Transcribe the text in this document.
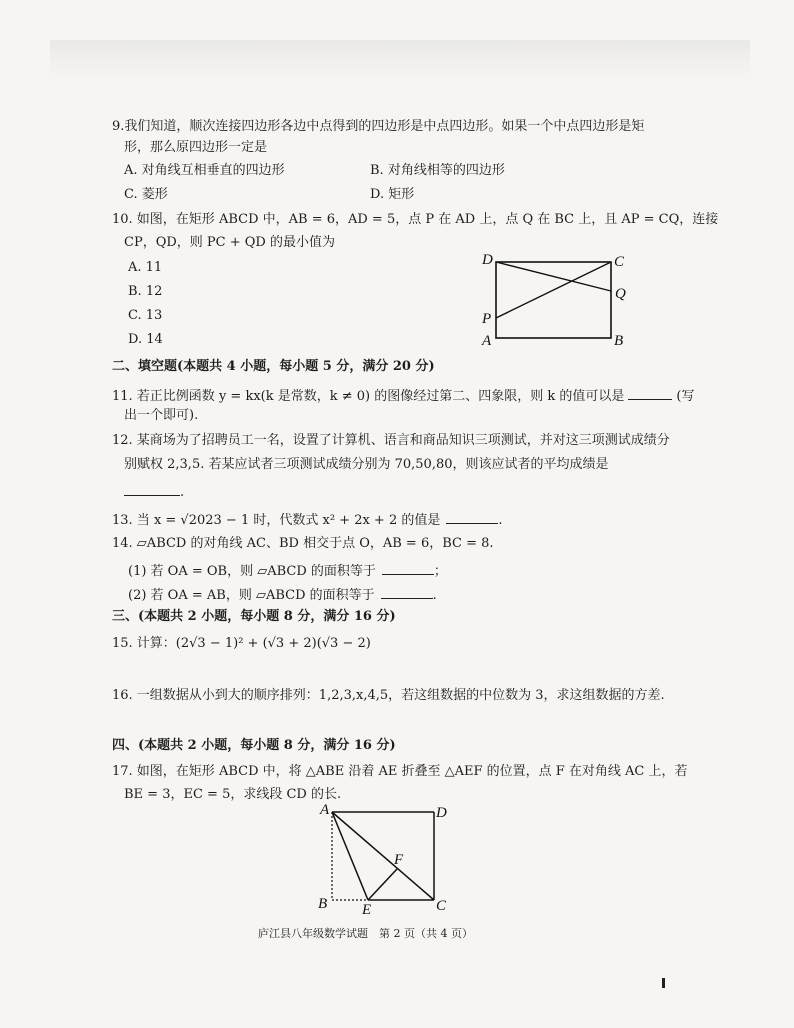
9.我们知道，顺次连接四边形各边中点得到的四边形是中点四边形。如果一个中点四边形是矩
形，那么原四边形一定是
A. 对角线互相垂直的四边形	B. 对角线相等的四边形
C. 菱形	D. 矩形
10. 如图，在矩形 ABCD 中，AB = 6，AD = 5，点 P 在 AD 上，点 Q 在 BC 上，且 AP = CQ，连接
CP，QD，则 PC + QD 的最小值为
A. 11
B. 12
C. 13
D. 14
D	C
Q
P
A	B
二、填空题(本题共 4 小题，每小题 5 分，满分 20 分)
11. 若正比例函数 y = kx(k 是常数，k ≠ 0) 的图像经过第二、四象限，则 k 的值可以是	(写
出一个即可).
12. 某商场为了招聘员工一名，设置了计算机、语言和商品知识三项测试，并对这三项测试成绩分
别赋权 2,3,5. 若某应试者三项测试成绩分别为 70,50,80，则该应试者的平均成绩是
.
13. 当 x = √2023 − 1 时，代数式 x² + 2x + 2 的值是	.
14. ▱ABCD 的对角线 AC、BD 相交于点 O，AB = 6，BC = 8.
(1) 若 OA = OB，则 ▱ABCD 的面积等于	；
(2) 若 OA = AB，则 ▱ABCD 的面积等于	.
三、(本题共 2 小题，每小题 8 分，满分 16 分)
15. 计算：(2√3 − 1)² + (√3 + 2)(√3 − 2)
16. 一组数据从小到大的顺序排列：1,2,3,x,4,5，若这组数据的中位数为 3，求这组数据的方差.
四、(本题共 2 小题，每小题 8 分，满分 16 分)
17. 如图，在矩形 ABCD 中，将 △ABE 沿着 AE 折叠至 △AEF 的位置，点 F 在对角线 AC 上，若
BE = 3，EC = 5，求线段 CD 的长.
A	D
F
B E	C
庐江县八年级数学试题　第 2 页（共 4 页）
